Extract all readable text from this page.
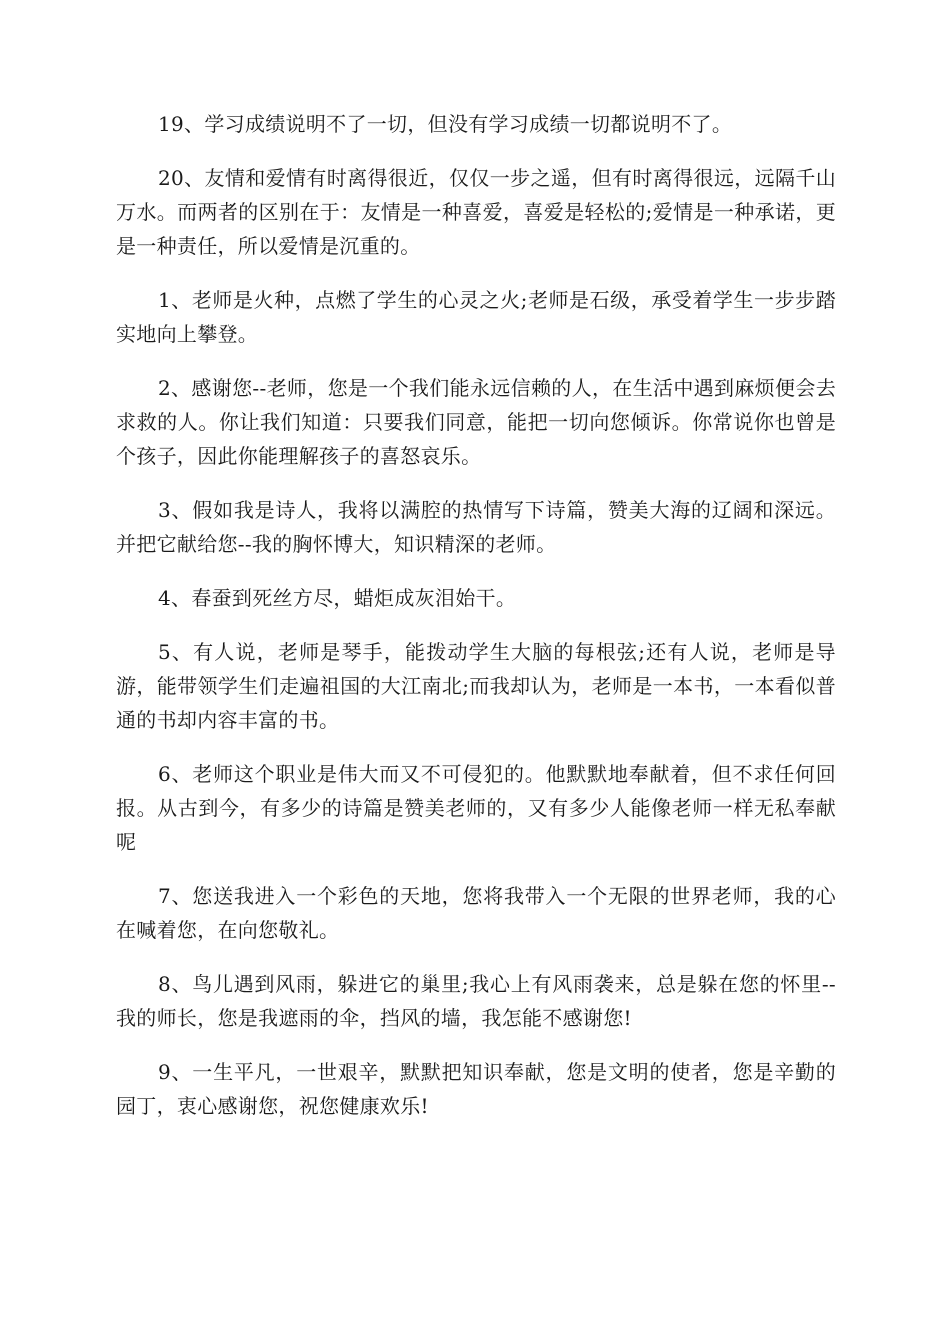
19、学习成绩说明不了一切，但没有学习成绩一切都说明不了。

20、友情和爱情有时离得很近，仅仅一步之遥，但有时离得很远，远隔千山万水。而两者的区别在于：友情是一种喜爱，喜爱是轻松的;爱情是一种承诺，更是一种责任，所以爱情是沉重的。

1、老师是火种，点燃了学生的心灵之火;老师是石级，承受着学生一步步踏实地向上攀登。

2、感谢您--老师，您是一个我们能永远信赖的人，在生活中遇到麻烦便会去求救的人。你让我们知道：只要我们同意，能把一切向您倾诉。你常说你也曾是个孩子，因此你能理解孩子的喜怒哀乐。

3、假如我是诗人，我将以满腔的热情写下诗篇，赞美大海的辽阔和深远。并把它献给您--我的胸怀博大，知识精深的老师。

4、春蚕到死丝方尽，蜡炬成灰泪始干。

5、有人说，老师是琴手，能拨动学生大脑的每根弦;还有人说，老师是导游，能带领学生们走遍祖国的大江南北;而我却认为，老师是一本书，一本看似普通的书却内容丰富的书。

6、老师这个职业是伟大而又不可侵犯的。他默默地奉献着，但不求任何回报。从古到今，有多少的诗篇是赞美老师的，又有多少人能像老师一样无私奉献呢

7、您送我进入一个彩色的天地，您将我带入一个无限的世界老师，我的心在喊着您，在向您敬礼。

8、鸟儿遇到风雨，躲进它的巢里;我心上有风雨袭来，总是躲在您的怀里--我的师长，您是我遮雨的伞，挡风的墙，我怎能不感谢您!

9、一生平凡，一世艰辛，默默把知识奉献，您是文明的使者，您是辛勤的园丁，衷心感谢您，祝您健康欢乐!
